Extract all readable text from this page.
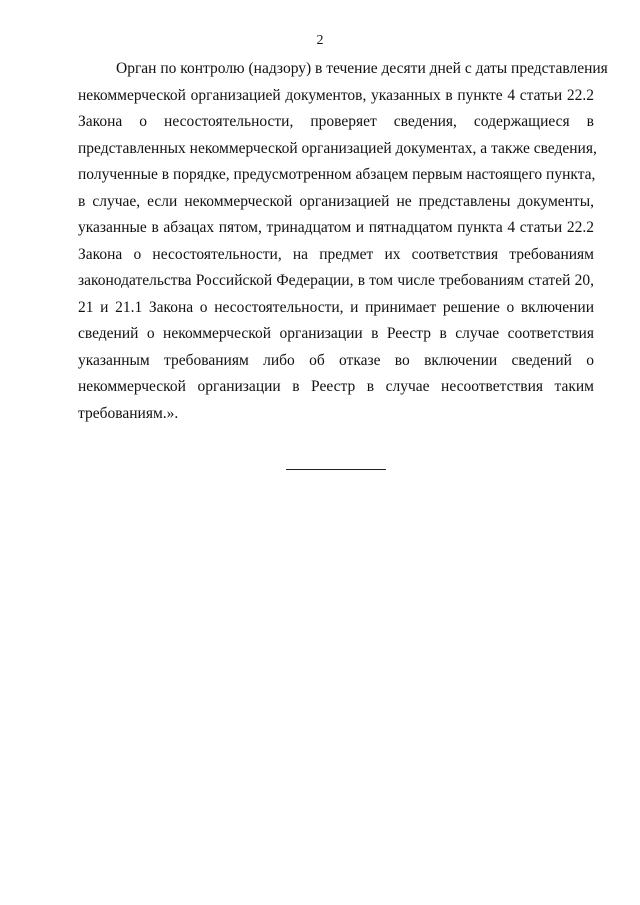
2
Орган по контролю (надзору) в течение десяти дней с даты представления
некоммерческой организацией документов, указанных в пункте 4 статьи 22.2
Закона о несостоятельности, проверяет сведения, содержащиеся в
представленных некоммерческой организацией документах, а также сведения,
полученные в порядке, предусмотренном абзацем первым настоящего пункта,
в случае, если некоммерческой организацией не представлены документы,
указанные в абзацах пятом, тринадцатом и пятнадцатом пункта 4 статьи 22.2
Закона о несостоятельности, на предмет их соответствия требованиям
законодательства Российской Федерации, в том числе требованиям статей 20,
21 и 21.1 Закона о несостоятельности, и принимает решение о включении
сведений о некоммерческой организации в Реестр в случае соответствия
указанным требованиям либо об отказе во включении сведений о
некоммерческой организации в Реестр в случае несоответствия таким
требованиям.».
